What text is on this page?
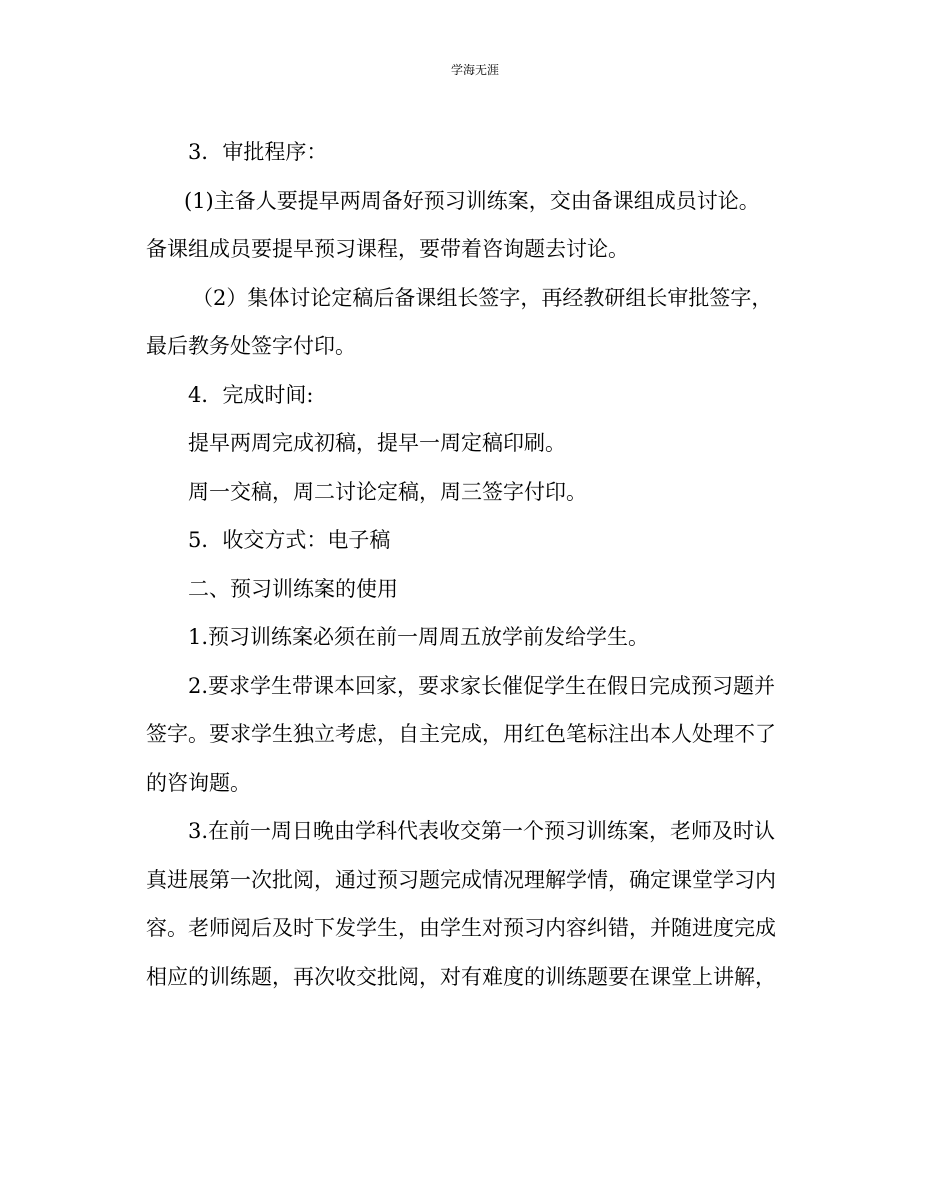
学海无涯

3．审批程序：

(1)主备人要提早两周备好预习训练案，交由备课组成员讨论。

备课组成员要提早预习课程，要带着咨询题去讨论。

（2）集体讨论定稿后备课组长签字，再经教研组长审批签字，

最后教务处签字付印。

4．完成时间:

提早两周完成初稿，提早一周定稿印刷。

周一交稿，周二讨论定稿，周三签字付印。

5．收交方式：电子稿

二、预习训练案的使用

1.预习训练案必须在前一周周五放学前发给学生。

2.要求学生带课本回家，要求家长催促学生在假日完成预习题并

签字。要求学生独立考虑，自主完成，用红色笔标注出本人处理不了

的咨询题。

3.在前一周日晚由学科代表收交第一个预习训练案，老师及时认

真进展第一次批阅，通过预习题完成情况理解学情，确定课堂学习内

容。老师阅后及时下发学生，由学生对预习内容纠错，并随进度完成

相应的训练题，再次收交批阅，对有难度的训练题要在课堂上讲解，
